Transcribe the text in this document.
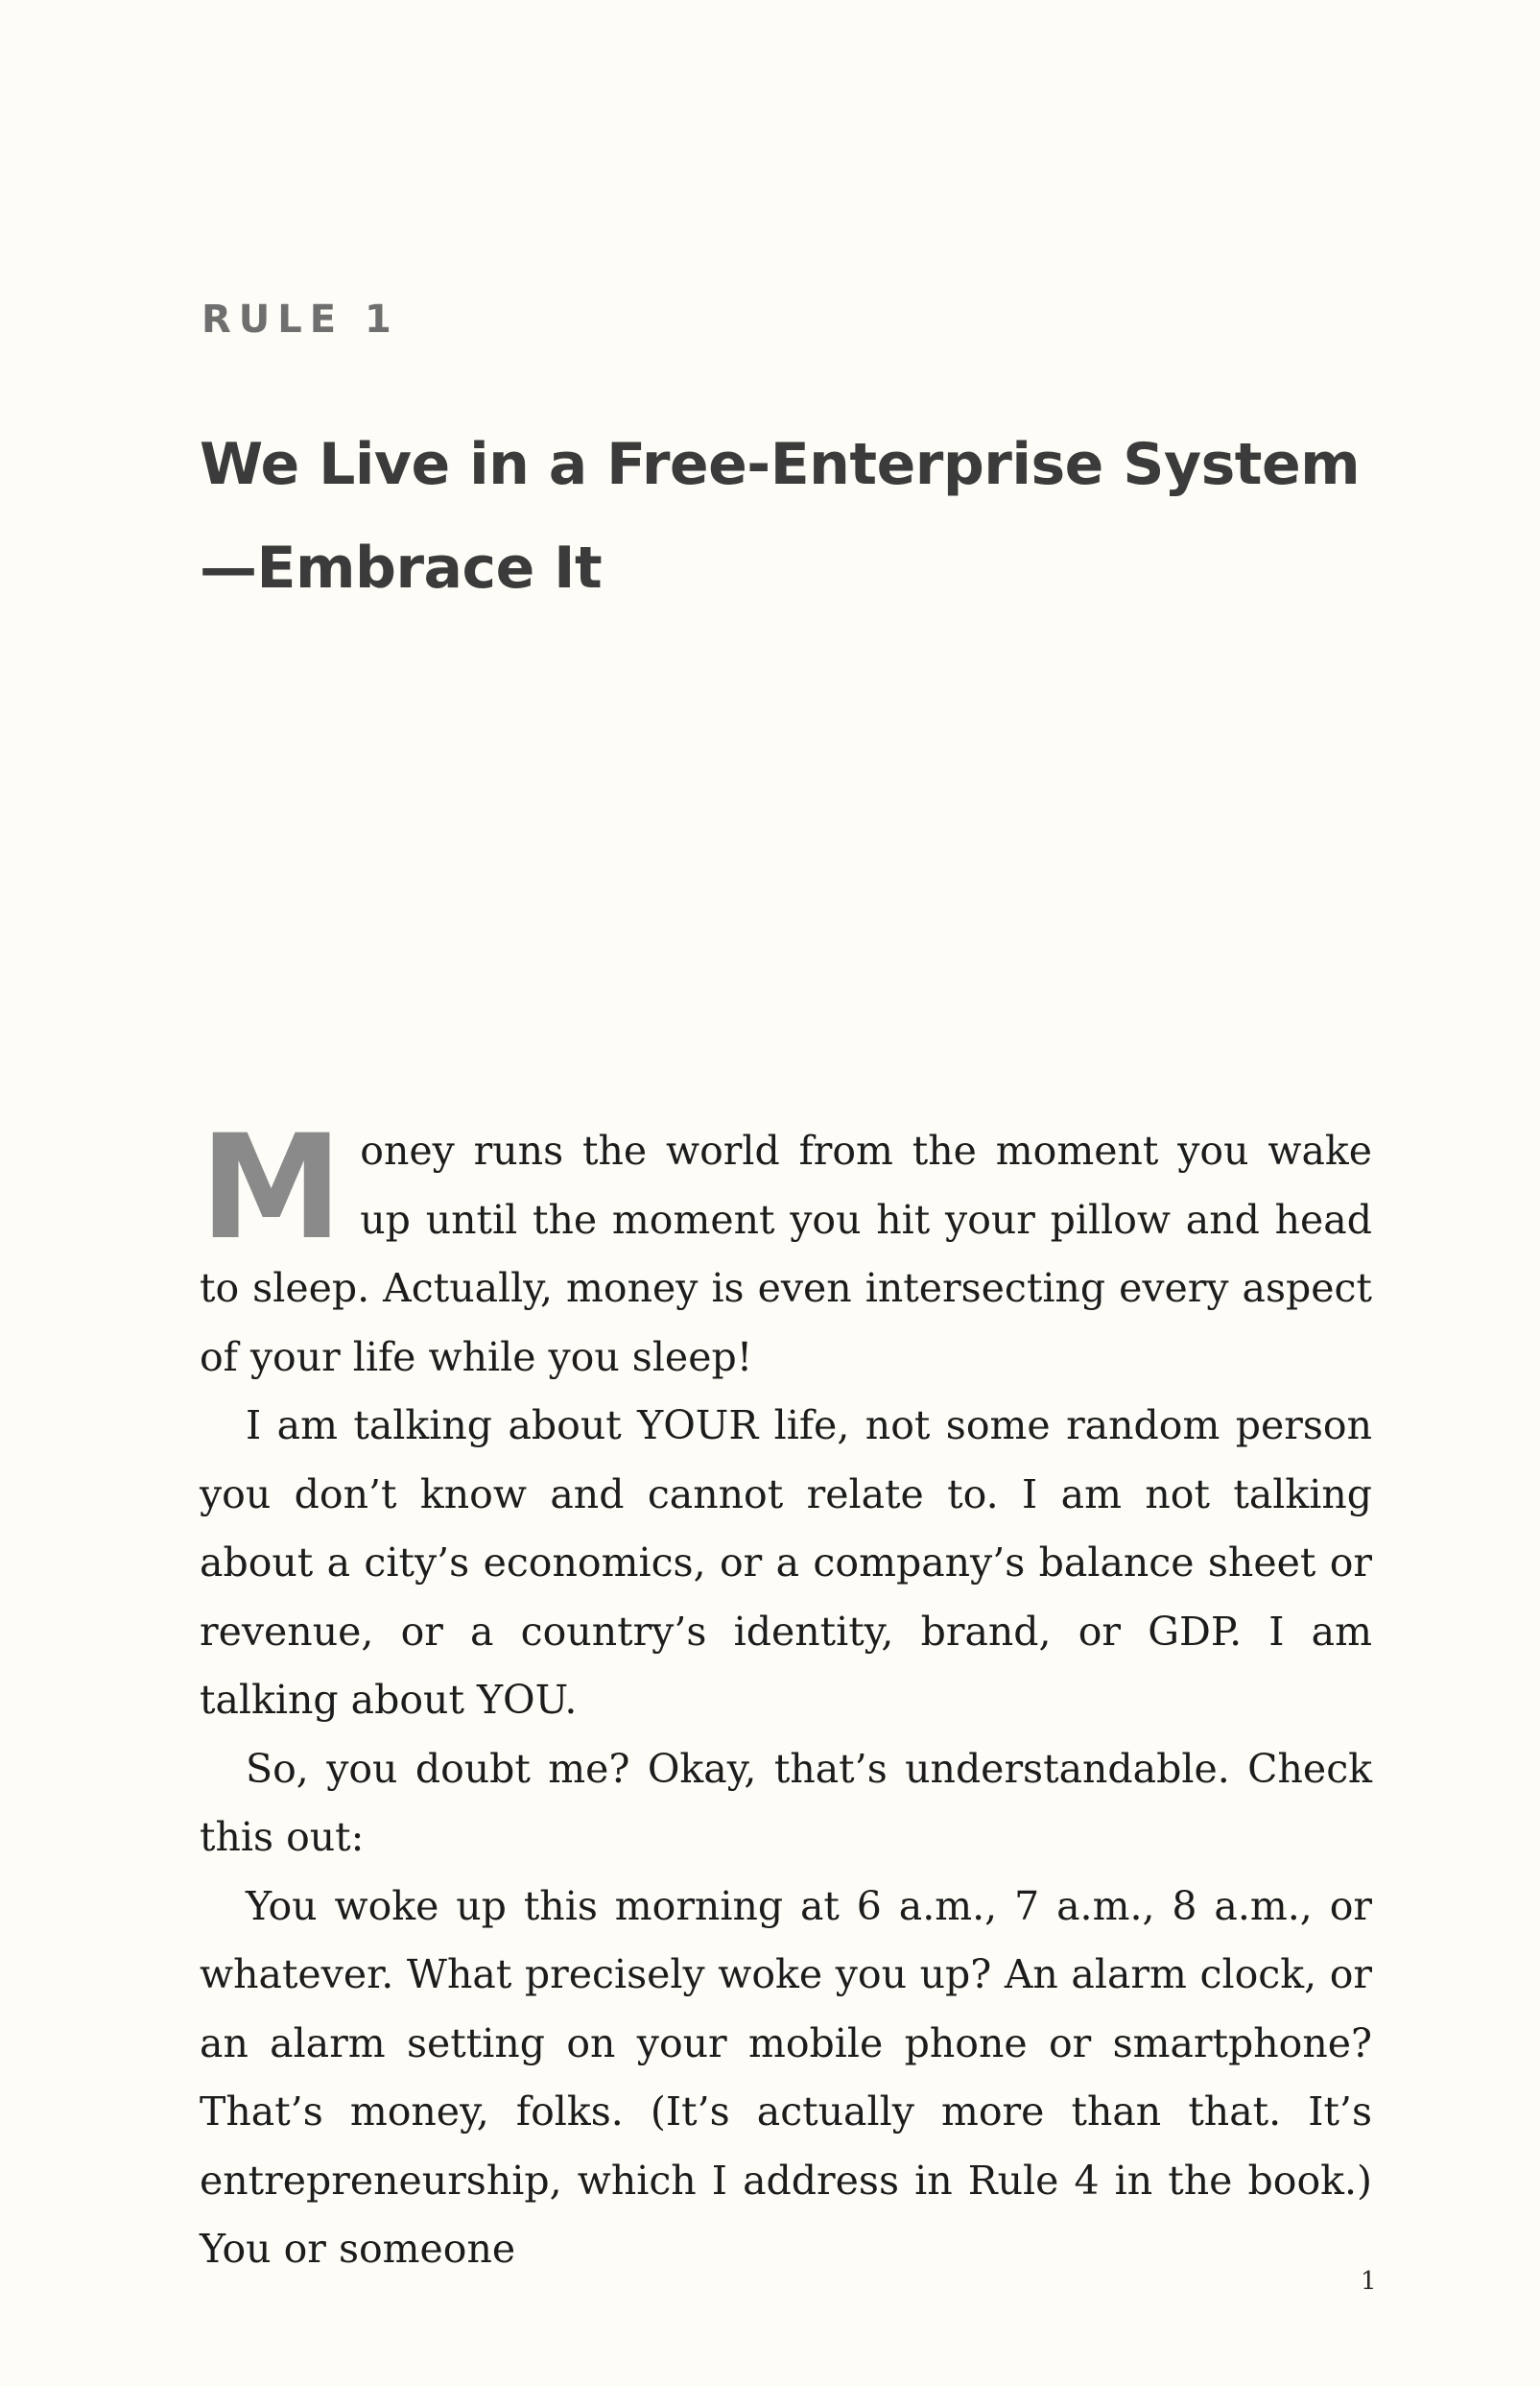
RULE 1
We Live in a Free-Enterprise System—Embrace It

Money runs the world from the moment you wake up until the moment you hit your pillow and head to sleep. Actually, money is even intersecting every aspect of your life while you sleep!

I am talking about YOUR life, not some random person you don’t know and cannot relate to. I am not talking about a city’s economics, or a company’s balance sheet or revenue, or a country’s identity, brand, or GDP. I am talking about YOU.

So, you doubt me? Okay, that’s understandable. Check this out:

You woke up this morning at 6 a.m., 7 a.m., 8 a.m., or whatever. What precisely woke you up? An alarm clock, or an alarm setting on your mobile phone or smartphone? That’s money, folks. (It’s actually more than that. It’s entrepreneurship, which I address in Rule 4 in the book.) You or someone

1
